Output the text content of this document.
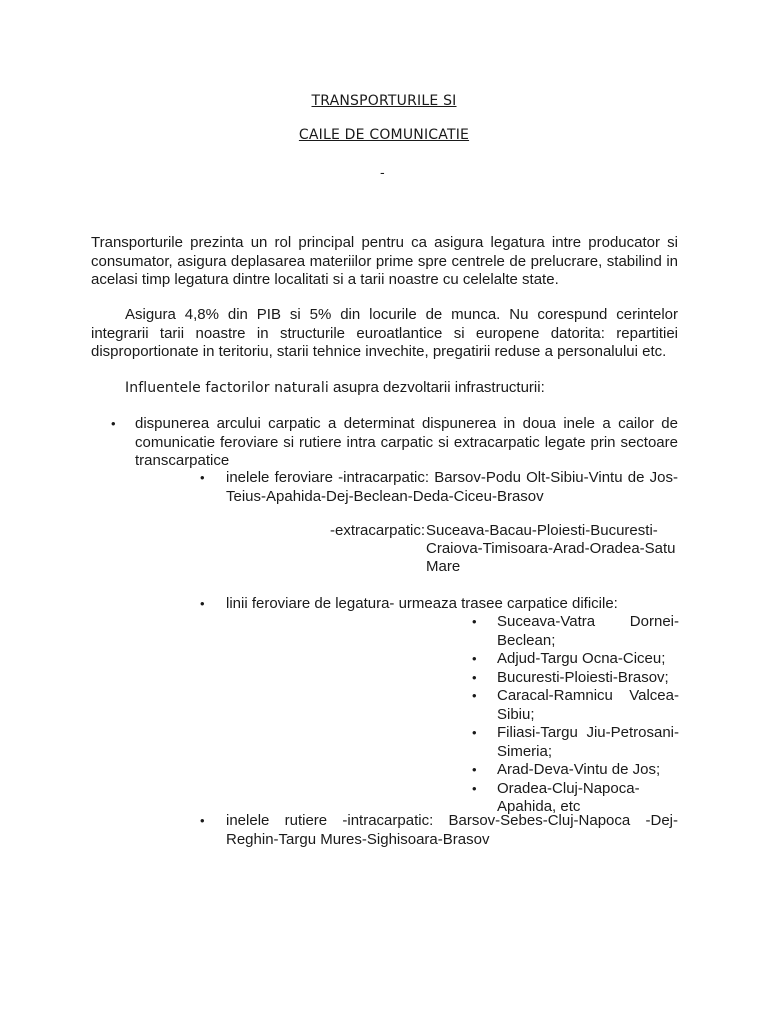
TRANSPORTURILE SI
CAILE DE COMUNICATIE
-
Transporturile prezinta un rol principal pentru ca asigura legatura intre producator si consumator, asigura deplasarea materiilor prime spre centrele de prelucrare, stabilind in acelasi timp legatura dintre localitati si a tarii noastre cu celelalte state.
Asigura 4,8% din PIB si 5% din locurile de munca. Nu corespund cerintelor integrarii tarii noastre in structurile euroatlantice si europene datorita: repartitiei disproportionate in teritoriu, starii tehnice invechite, pregatirii reduse a personalului etc.
Influentele factorilor naturali asupra dezvoltarii infrastructurii:
• dispunerea arcului carpatic a determinat dispunerea in doua inele a cailor de comunicatie feroviare si rutiere intra carpatic si extracarpatic legate prin sectoare transcarpatice
• inelele feroviare -intracarpatic: Barsov-Podu Olt-Sibiu-Vintu de Jos-Teius-Apahida-Dej-Beclean-Deda-Ciceu-Brasov
-extracarpatic: Suceava-Bacau-Ploiesti-Bucuresti-
Craiova-Timisoara-Arad-Oradea-Satu
Mare
• linii feroviare de legatura- urmeaza trasee carpatice dificile:
• Suceava-Vatra Dornei-Beclean;
• Adjud-Targu Ocna-Ciceu;
• Bucuresti-Ploiesti-Brasov;
• Caracal-Ramnicu Valcea-Sibiu;
• Filiasi-Targu Jiu-Petrosani-Simeria;
• Arad-Deva-Vintu de Jos;
• Oradea-Cluj-Napoca-Apahida, etc
• inelele rutiere -intracarpatic: Barsov-Sebes-Cluj-Napoca -Dej-Reghin-Targu Mures-Sighisoara-Brasov
